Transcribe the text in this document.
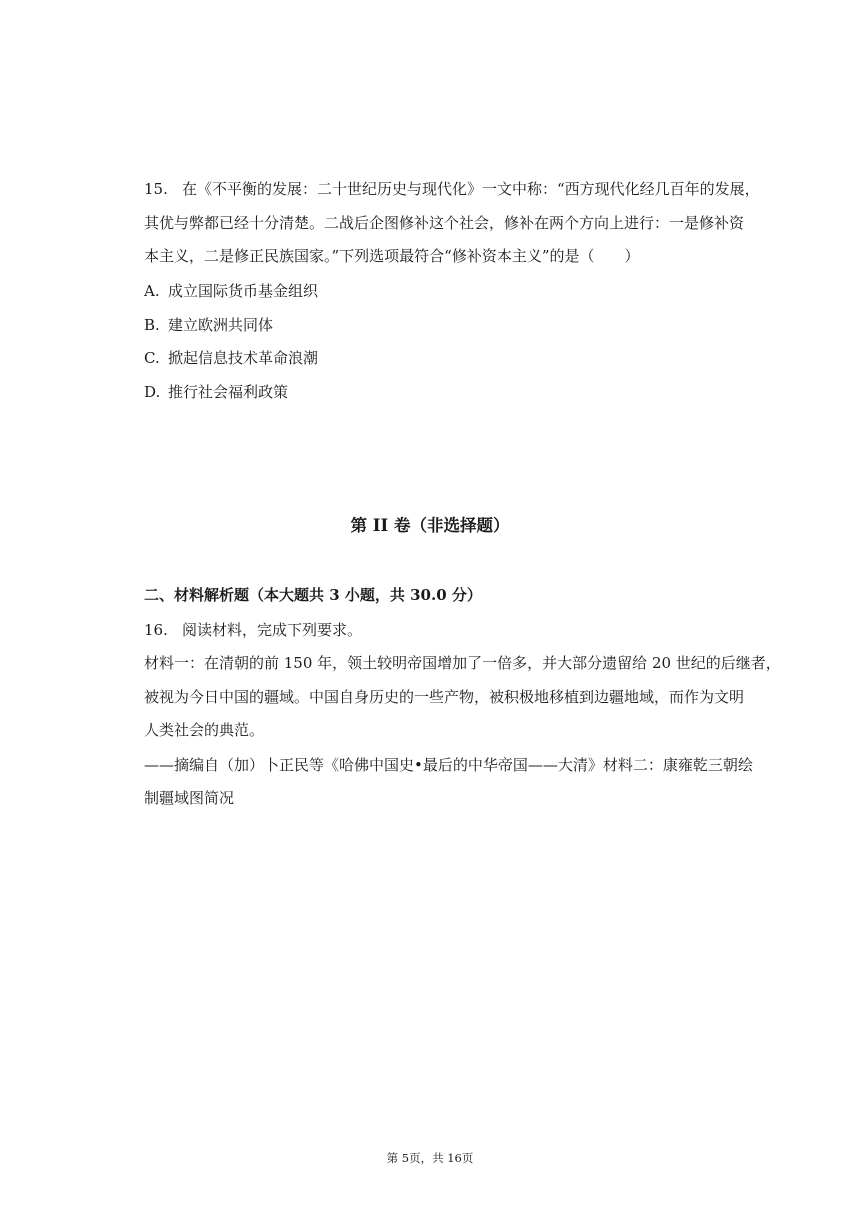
15. 在《不平衡的发展：二十世纪历史与现代化》一文中称：“西方现代化经几百年的发展，
其优与弊都已经十分清楚。二战后企图修补这个社会，修补在两个方向上进行：一是修补资
本主义，二是修正民族国家。”下列选项最符合“修补资本主义”的是（　　）
A. 成立国际货币基金组织
B. 建立欧洲共同体
C. 掀起信息技术革命浪潮
D. 推行社会福利政策
第 II 卷（非选择题）
二、材料解析题（本大题共 3 小题，共 30.0 分）
16. 阅读材料，完成下列要求。
材料一：在清朝的前 150 年，领土较明帝国增加了一倍多，并大部分遗留给 20 世纪的后继者，
被视为今日中国的疆域。中国自身历史的一些产物，被积极地移植到边疆地域，而作为文明
人类社会的典范。
——摘编自（加）卜正民等《哈佛中国史•最后的中华帝国——大清》材料二：康雍乾三朝绘
制疆域图简况
第 5页，共 16页
